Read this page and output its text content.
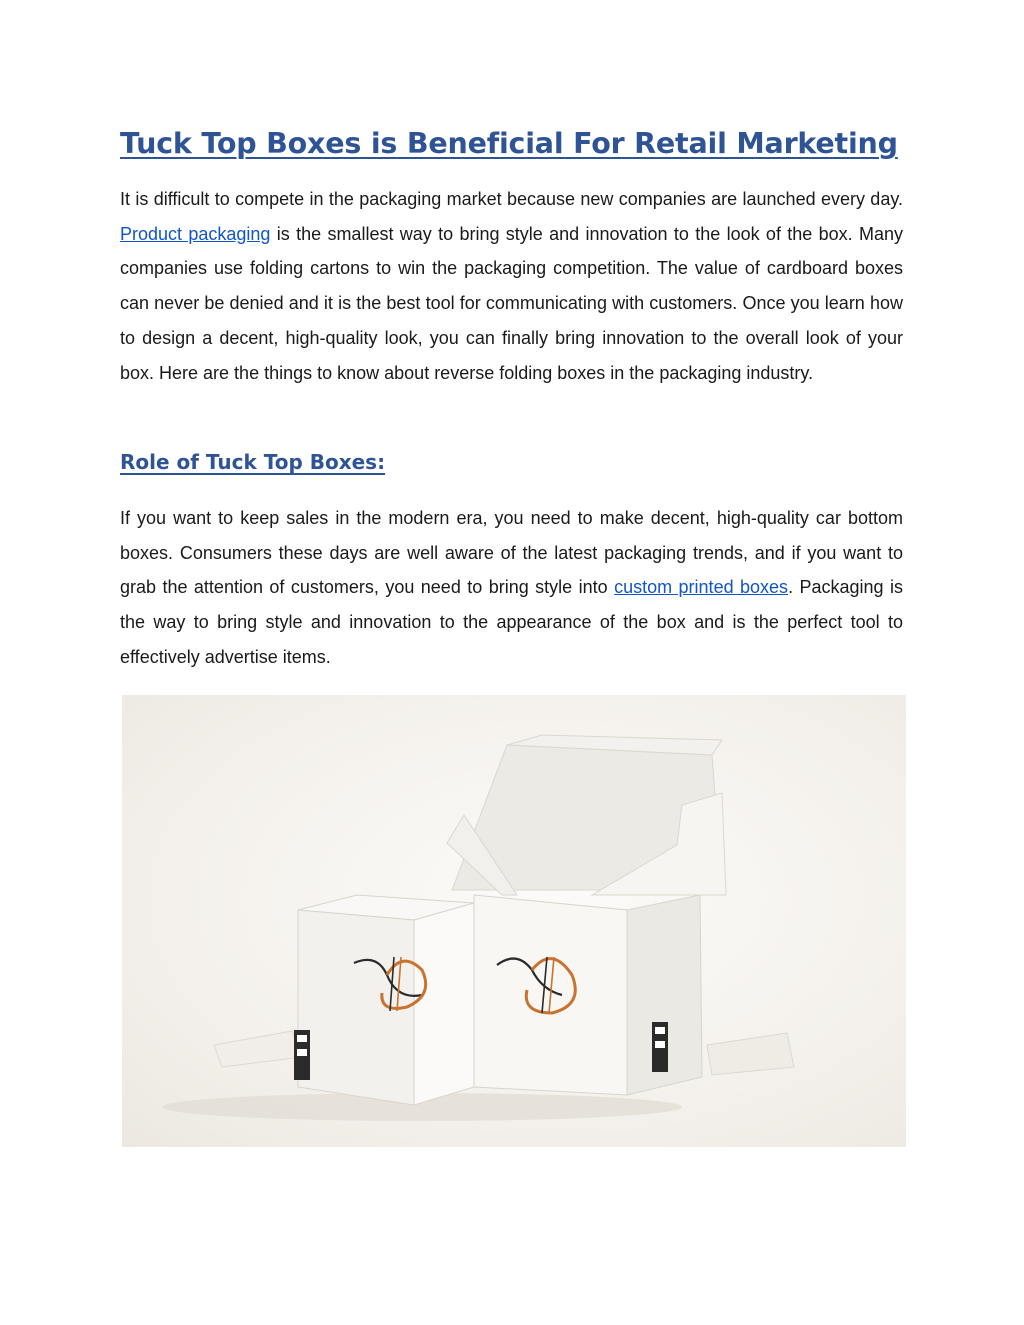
Tuck Top Boxes is Beneficial For Retail Marketing

It is difficult to compete in the packaging market because new companies are launched every day. Product packaging is the smallest way to bring style and innovation to the look of the box. Many companies use folding cartons to win the packaging competition. The value of cardboard boxes can never be denied and it is the best tool for communicating with customers. Once you learn how to design a decent, high-quality look, you can finally bring innovation to the overall look of your box. Here are the things to know about reverse folding boxes in the packaging industry.

Role of Tuck Top Boxes:

If you want to keep sales in the modern era, you need to make decent, high-quality car bottom boxes. Consumers these days are well aware of the latest packaging trends, and if you want to grab the attention of customers, you need to bring style into custom printed boxes. Packaging is the way to bring style and innovation to the appearance of the box and is the perfect tool to effectively advertise items.
